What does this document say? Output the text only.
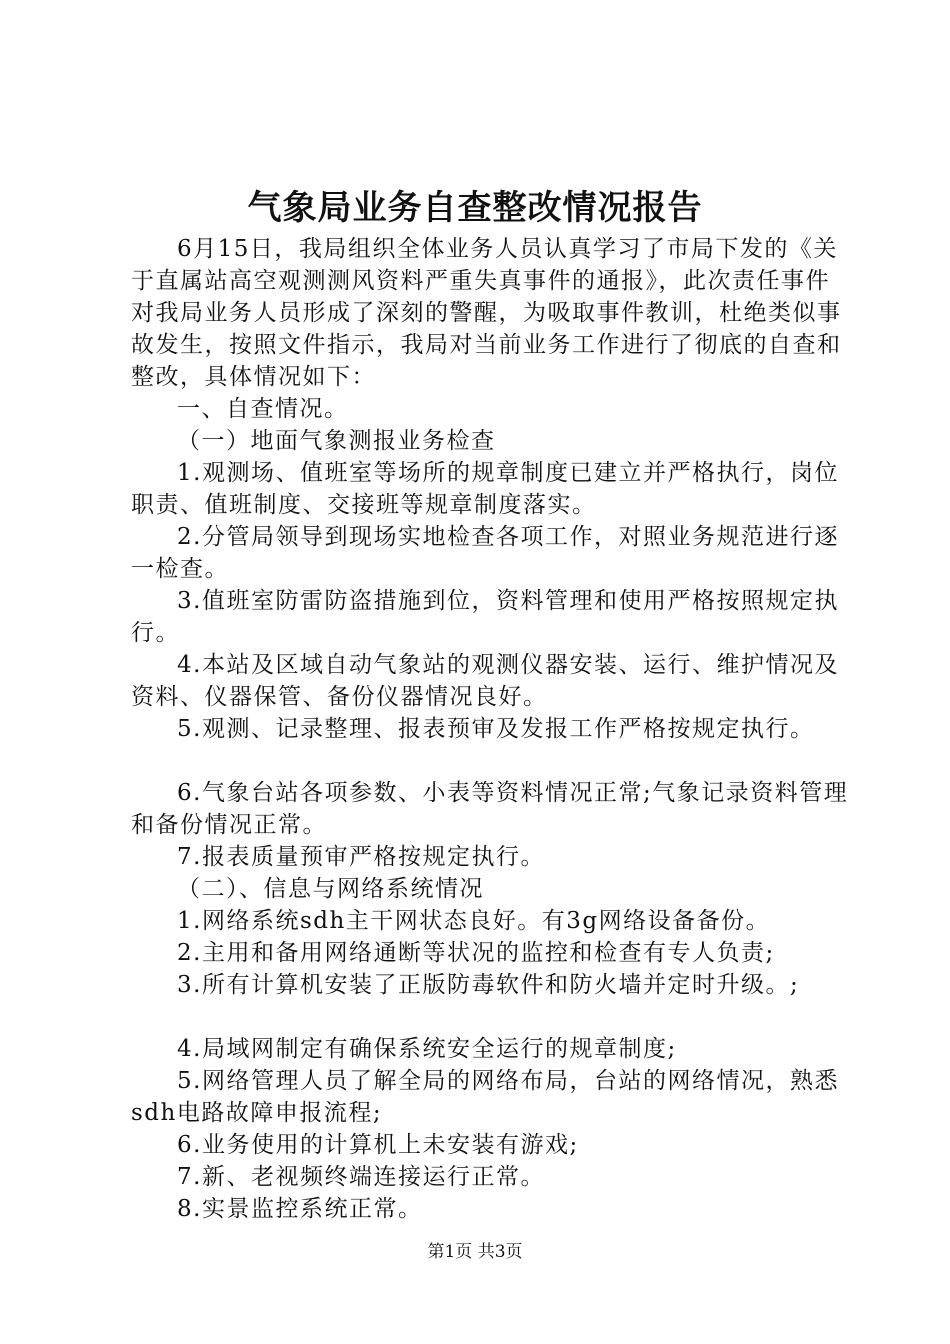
气象局业务自查整改情况报告

6月15日，我局组织全体业务人员认真学习了市局下发的《关于直属站高空观测测风资料严重失真事件的通报》，此次责任事件对我局业务人员形成了深刻的警醒，为吸取事件教训，杜绝类似事故发生，按照文件指示，我局对当前业务工作进行了彻底的自查和整改，具体情况如下：

一、自查情况。

（一）地面气象测报业务检查

1.观测场、值班室等场所的规章制度已建立并严格执行，岗位职责、值班制度、交接班等规章制度落实。

2.分管局领导到现场实地检查各项工作，对照业务规范进行逐一检查。

3.值班室防雷防盗措施到位，资料管理和使用严格按照规定执行。

4.本站及区域自动气象站的观测仪器安装、运行、维护情况及资料、仪器保管、备份仪器情况良好。

5.观测、记录整理、报表预审及发报工作严格按规定执行。

6.气象台站各项参数、小表等资料情况正常;气象记录资料管理和备份情况正常。

7.报表质量预审严格按规定执行。

（二）、信息与网络系统情况

1.网络系统sdh主干网状态良好。有3g网络设备备份。

2.主用和备用网络通断等状况的监控和检查有专人负责;

3.所有计算机安装了正版防毒软件和防火墙并定时升级。;

4.局域网制定有确保系统安全运行的规章制度;

5.网络管理人员了解全局的网络布局，台站的网络情况，熟悉sdh电路故障申报流程;

6.业务使用的计算机上未安装有游戏;

7.新、老视频终端连接运行正常。

8.实景监控系统正常。

第1页 共3页
